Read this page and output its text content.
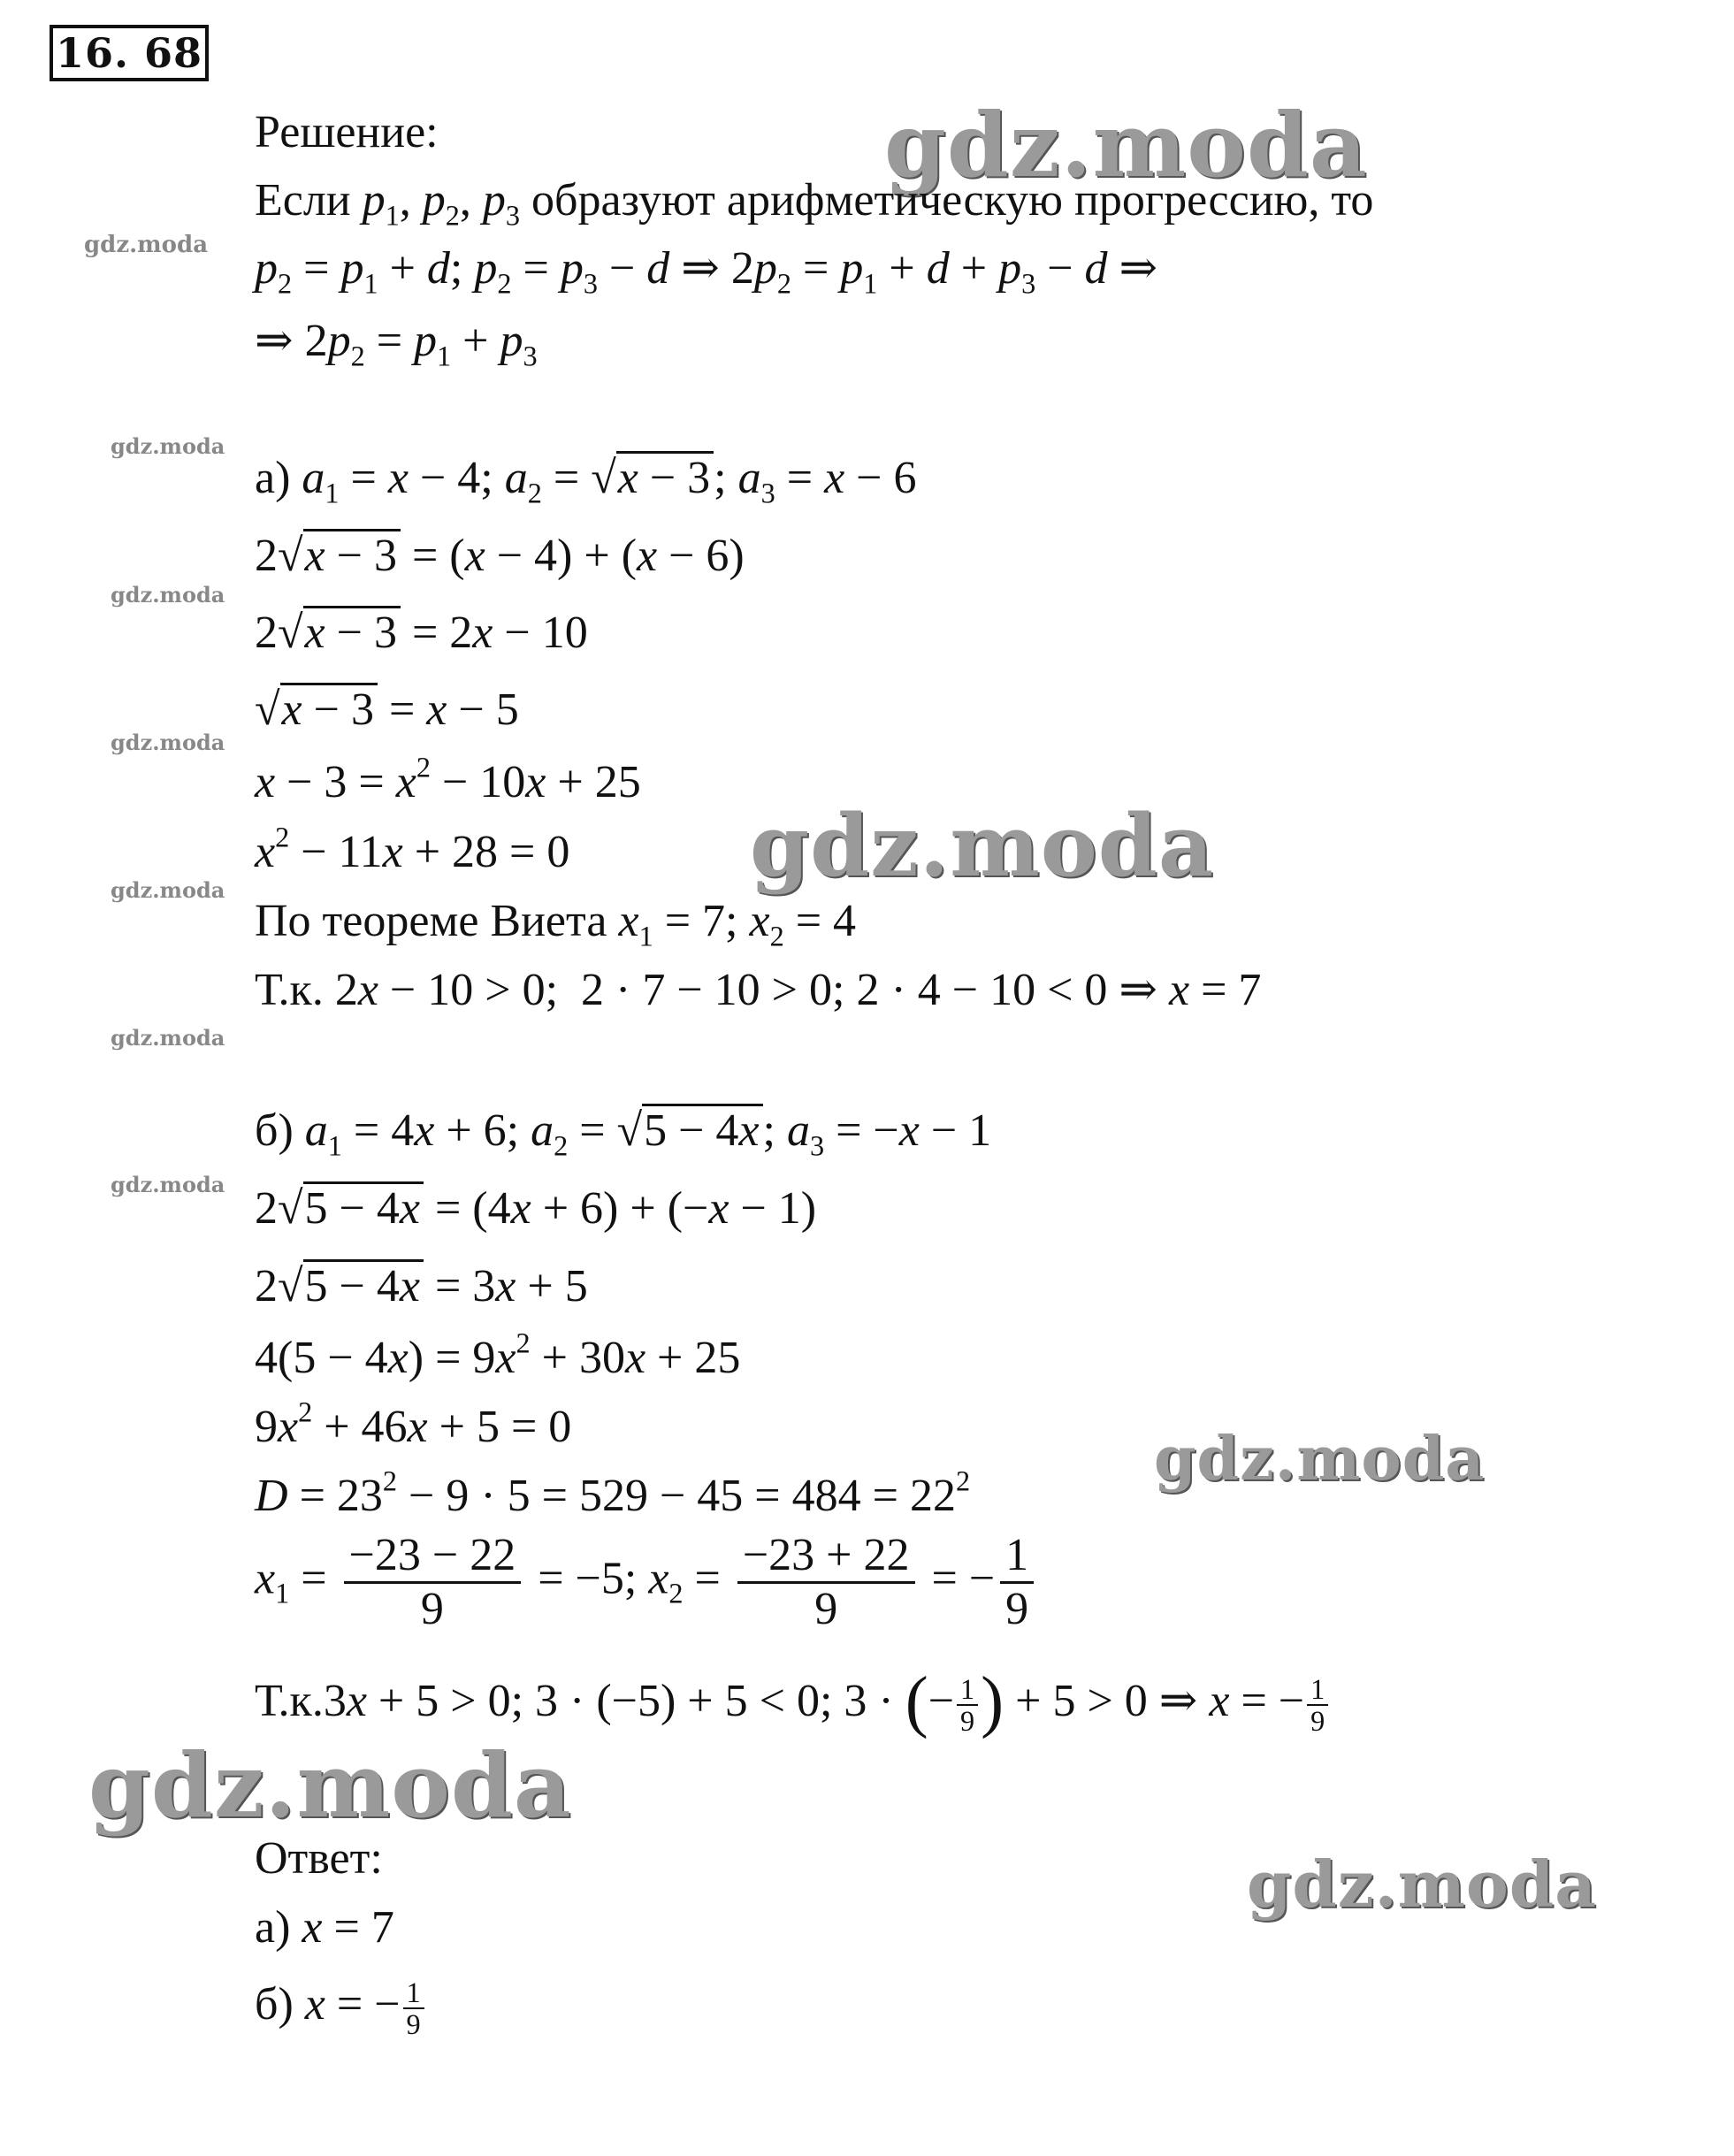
16. 68
gdz.moda
gdz.moda
gdz.moda
gdz.moda
gdz.moda
gdz.moda
gdz.moda
gdz.moda
gdz.moda
gdz.moda
gdz.moda
gdz.moda
Решение:
Если $p_1$, $p_2$, $p_3$ образуют арифметическую прогрессию, то
$p_2 = p_1 + d$; $p_2 = p_3 - d$ ⇒ $2p_2 = p_1 + d + p_3 - d$ ⇒
⇒ $2p_2 = p_1 + p_3$
а) $a_1 = x - 4$; $a_2 = √x - 3$; $a_3 = x - 6$
2√x − 3 = (x − 4) + (x − 6)
2√x − 3 = 2x − 10
√x − 3 = x − 5
$x - 3 = x^2 - 10x + 25$
$x^2 - 11x + 28 = 0$
По теореме Виета $x_1 = 7$; $x_2 = 4$
Т.к. 2x − 10 > 0;  2 · 7 − 10 > 0; 2 · 4 − 10 < 0 ⇒ x = 7
б) $a_1 = 4x + 6$; $a_2 = √5 - 4x$; $a_3 = -x - 1$
2√5 − 4x = (4x + 6) + (−x − 1)
2√5 − 4x = 3x + 5
$4(5 - 4x) = 9x^2 + 30x + 25$
$9x^2 + 46x + 5 = 0$
$D = 23^2 - 9 \cdot 5 = 529 - 45 = 484 = 22^2$
$x_1 = \frac{-23 - 22}{9} = -5$; $x_2 = \frac{-23 + 22}{9}$ = − $\frac{1}{9}$
Т.к.3x + 5 > 0; 3 · (−5) + 5 < 0; 3 · (− $\frac{1}{9}$ ) + 5 > 0 ⇒ x = − $\frac{1}{9}$
Ответ:
а) x = 7
б) x = − $\frac{1}{9}$
